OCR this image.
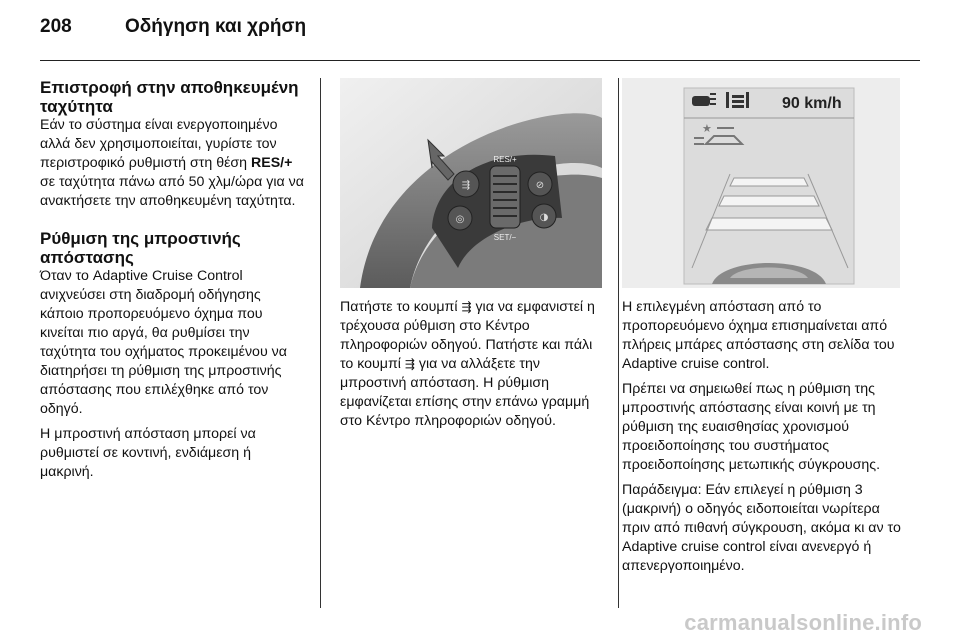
208	Οδήγηση και χρήση
Επιστροφή στην αποθηκευμένη ταχύτητα

Εάν το σύστημα είναι ενεργοποιημένο αλλά δεν χρησιμοποιείται, γυρίστε τον περιστροφικό ρυθμιστή στη θέση RES/+ σε ταχύτητα πάνω από 50 χλμ/ώρα για να ανακτήσετε την αποθηκευμένη ταχύτητα.

Ρύθμιση της μπροστινής απόστασης

Όταν το Adaptive Cruise Control ανιχνεύσει στη διαδρομή οδήγησης κάποιο προπορευόμενο όχημα που κινείται πιο αργά, θα ρυθμίσει την ταχύτητα του οχήματος προκειμένου να διατηρήσει τη ρύθμιση της μπροστινής απόστασης που επιλέχθηκε από τον οδηγό.

Η μπροστινή απόσταση μπορεί να ρυθμιστεί σε κοντινή, ενδιάμεση ή μακρινή.

⇶
◎
⊘
◑
RES/+
SET/−

Πατήστε το κουμπί ⇶ για να εμφανιστεί η τρέχουσα ρύθμιση στο Κέντρο πληροφοριών οδηγού. Πατήστε και πάλι το κουμπί ⇶ για να αλλάξετε την μπροστινή απόσταση. Η ρύθμιση εμφανίζεται επίσης στην επάνω γραμμή στο Κέντρο πληροφοριών οδηγού.

90 km/h
★

Η επιλεγμένη απόσταση από το προπορευόμενο όχημα επισημαίνεται από πλήρεις μπάρες απόστασης στη σελίδα του Adaptive cruise control.

Πρέπει να σημειωθεί πως η ρύθμιση της μπροστινής απόστασης είναι κοινή με τη ρύθμιση της ευαισθησίας χρονισμού προειδοποίησης του συστήματος προειδοποίησης μετωπικής σύγκρουσης.

Παράδειγμα: Εάν επιλεγεί η ρύθμιση 3 (μακρινή) ο οδηγός ειδοποιείται νωρίτερα πριν από πιθανή σύγκρουση, ακόμα κι αν το Adaptive cruise control είναι ανενεργό ή απενεργοποιημένο.

carmanualsonline.info
